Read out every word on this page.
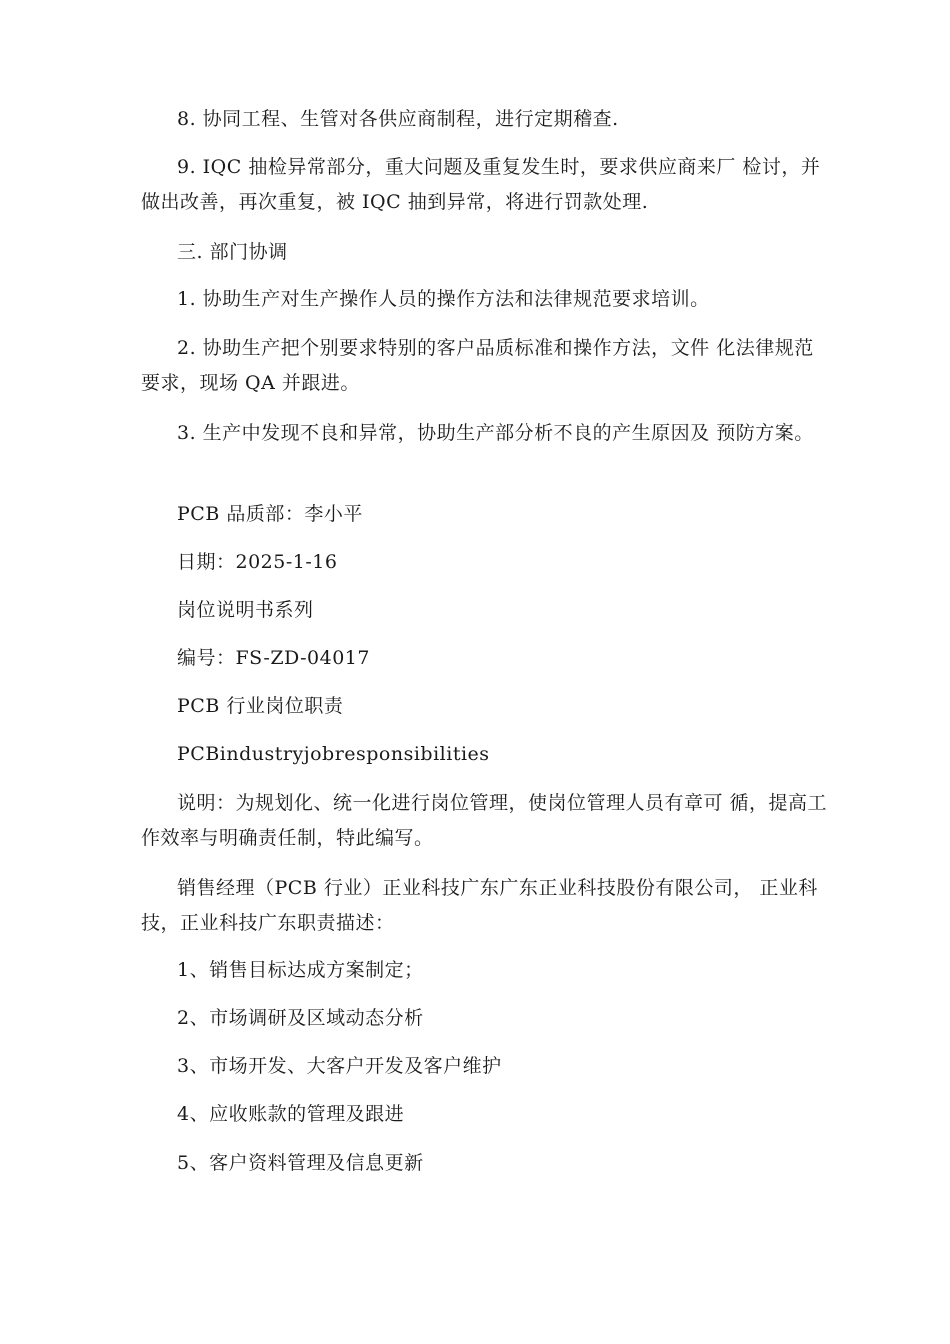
8. 协同工程、生管对各供应商制程，进行定期稽查.

9. IQC 抽检异常部分，重大问题及重复发生时，要求供应商来厂 检讨，并做出改善，再次重复，被 IQC 抽到异常，将进行罚款处理.

三. 部门协调

1. 协助生产对生产操作人员的操作方法和法律规范要求培训。

2. 协助生产把个别要求特别的客户品质标准和操作方法，文件 化法律规范要求，现场 QA 并跟进。

3. 生产中发现不良和异常，协助生产部分析不良的产生原因及 预防方案。

PCB 品质部：李小平

日期：2025-1-16

岗位说明书系列

编号：FS-ZD-04017

PCB 行业岗位职责

PCBindustryjobresponsibilities

说明：为规划化、统一化进行岗位管理，使岗位管理人员有章可 循，提高工作效率与明确责任制，特此编写。

销售经理（PCB 行业）正业科技广东广东正业科技股份有限公司， 正业科技，正业科技广东职责描述：

1、销售目标达成方案制定；

2、市场调研及区域动态分析

3、市场开发、大客户开发及客户维护

4、应收账款的管理及跟进

5、客户资料管理及信息更新
